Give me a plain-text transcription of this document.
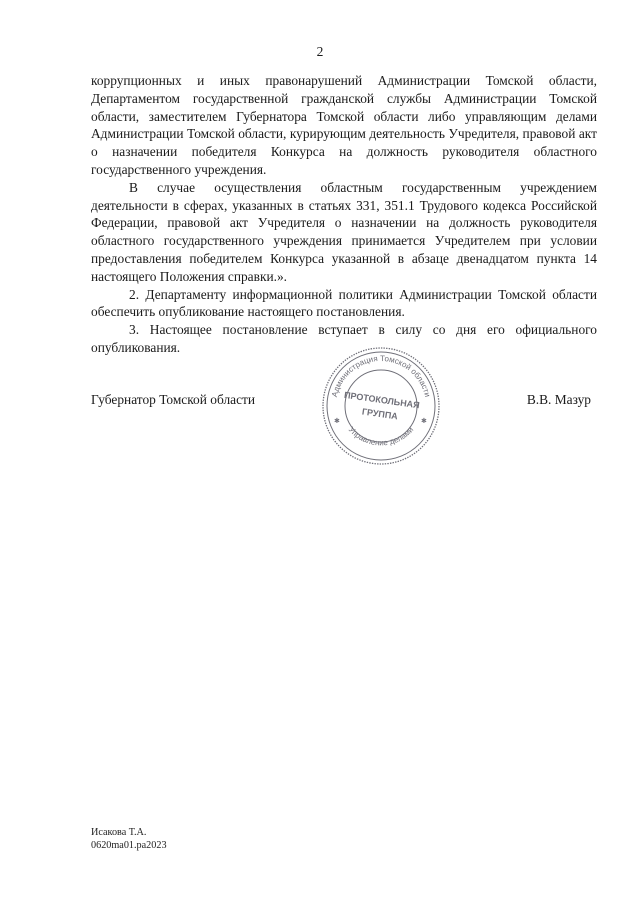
2

коррупционных и иных правонарушений Администрации Томской области, Департаментом государственной гражданской службы Администрации Томской области, заместителем Губернатора Томской области либо управляющим делами Администрации Томской области, курирующим деятельность Учредителя, правовой акт о назначении победителя Конкурса на должность руководителя областного государственного учреждения.

В случае осуществления областным государственным учреждением деятельности в сферах, указанных в статьях 331, 351.1 Трудового кодекса Российской Федерации, правовой акт Учредителя о назначении на должность руководителя областного государственного учреждения принимается Учредителем при условии предоставления победителем Конкурса указанной в абзаце двенадцатом пункта 14 настоящего Положения справки.».

2. Департаменту информационной политики Администрации Томской области обеспечить опубликование настоящего постановления.

3. Настоящее постановление вступает в силу со дня его официального опубликования.

Губернатор Томской области	Администрация Томской области
Управление делами
ПРОТОКОЛЬНАЯ
ГРУППА
✱	✱
В.В. Мазур
Исакова Т.А.
0620ma01.pa2023
